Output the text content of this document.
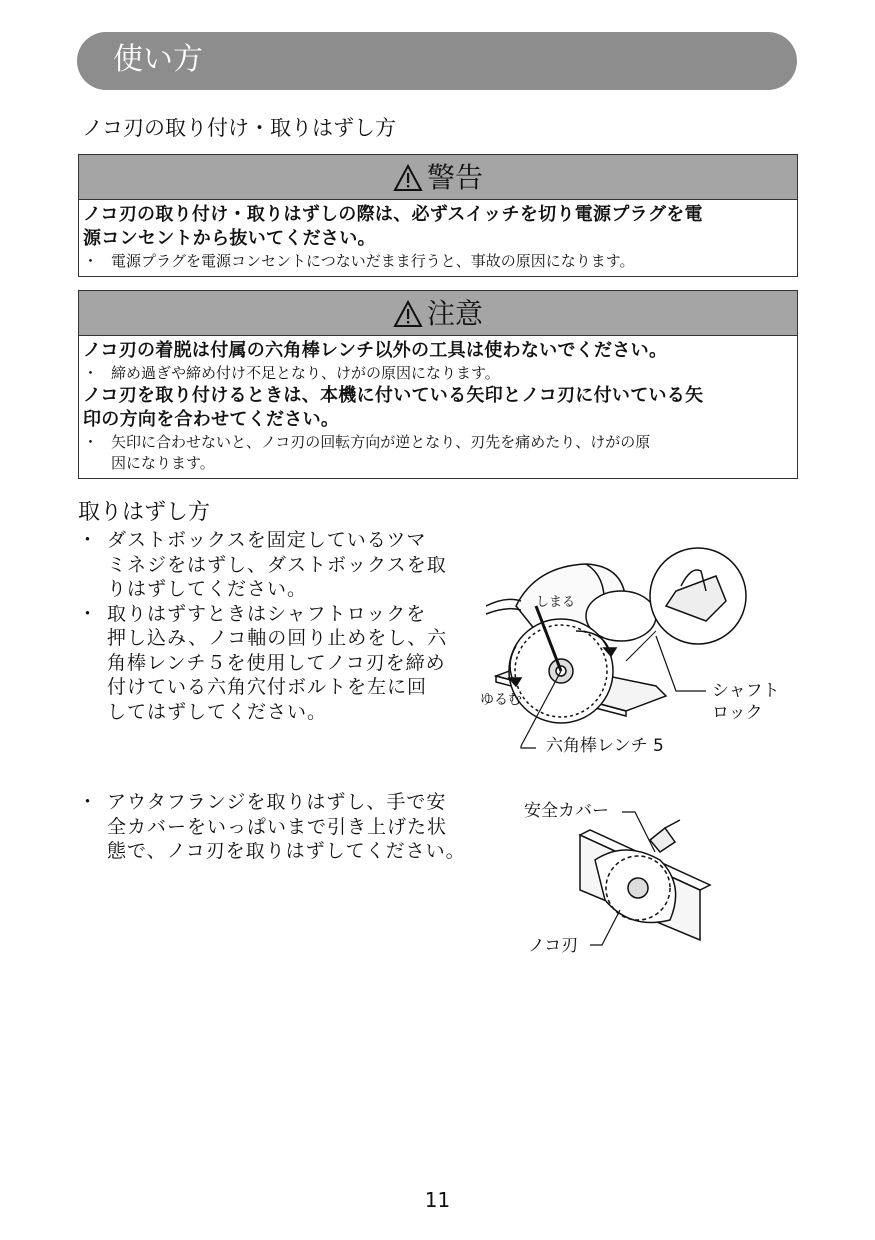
使い方
ノコ刃の取り付け・取りはずし方
警告
ノコ刃の取り付け・取りはずしの際は、必ずスイッチを切り電源プラグを電
源コンセントから抜いてください。
・ 電源プラグを電源コンセントにつないだまま行うと、事故の原因になります。
注意
ノコ刃の着脱は付属の六角棒レンチ以外の工具は使わないでください。
・ 締め過ぎや締め付け不足となり、けがの原因になります。
ノコ刃を取り付けるときは、本機に付いている矢印とノコ刃に付いている矢
印の方向を合わせてください。
・ 矢印に合わせないと、ノコ刃の回転方向が逆となり、刃先を痛めたり、けがの原
因になります。
取りはずし方
・ ダストボックスを固定しているツマ
ミネジをはずし、ダストボックスを取
りはずしてください。
・ 取りはずすときはシャフトロックを
押し込み、ノコ軸の回り止めをし、六
角棒レンチ５を使用してノコ刃を締め
付けている六角穴付ボルトを左に回
してはずしてください。
・ アウタフランジを取りはずし、手で安
全カバーをいっぱいまで引き上げた状
態で、ノコ刃を取りはずしてください。
しまる
ゆるむ	シャフト
ロック
六角棒レンチ 5
安全カバー
ノコ刃
11
